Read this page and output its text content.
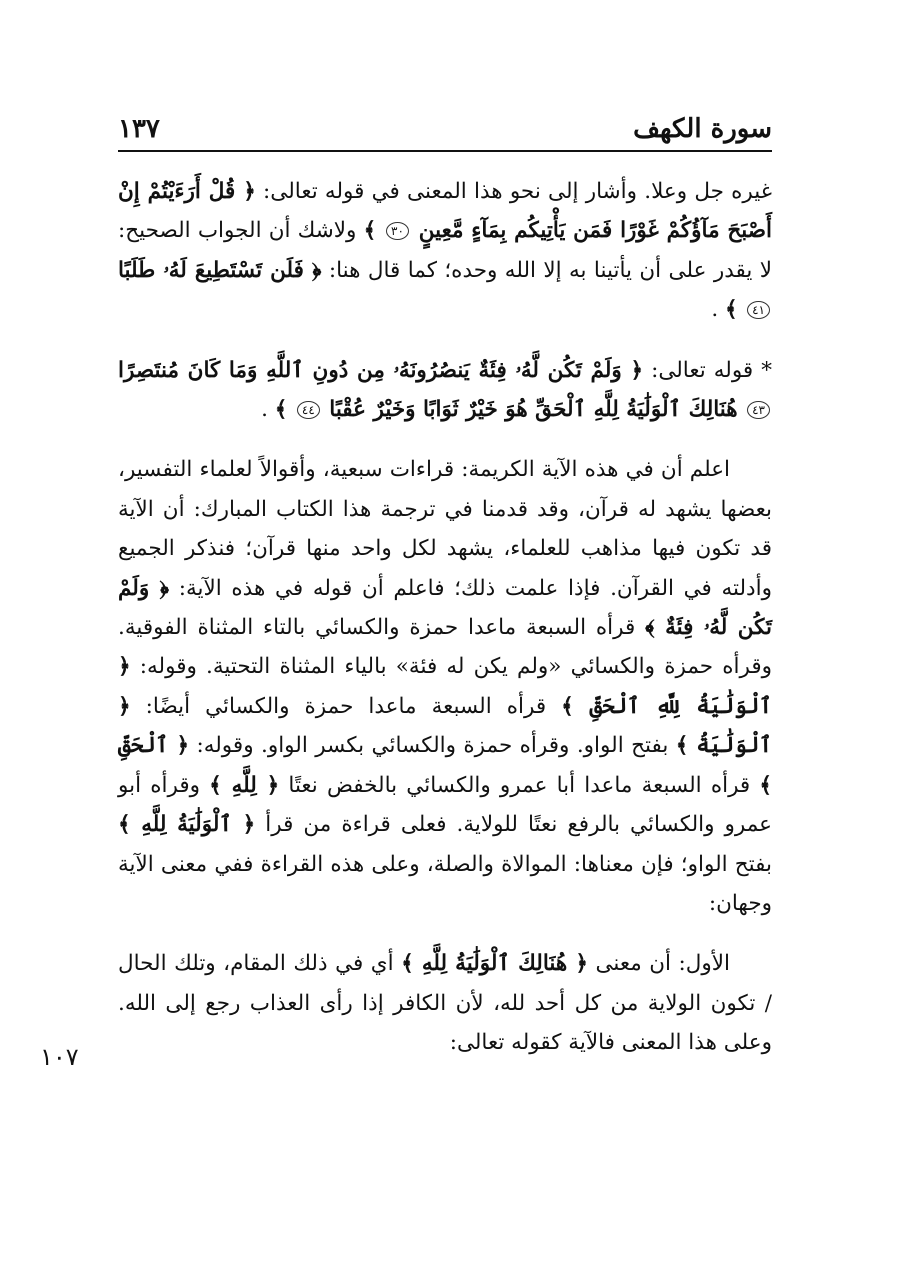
سورة الكهف
١٣٧
١٠٧

غيره جل وعلا. وأشار إلى نحو هذا المعنى في قوله تعالى: ﴿ قُلْ أَرَءَيْتُمْ إِنْ أَصْبَحَ مَآؤُكُمْ غَوْرًا فَمَن يَأْتِيكُم بِمَآءٍ مَّعِينٍ ٣٠ ﴾ ولاشك أن الجواب الصحيح: لا يقدر على أن يأتينا به إلا الله وحده؛ كما قال هنا: ﴿ فَلَن تَسْتَطِيعَ لَهُۥ طَلَبًا ٤١ ﴾ .

* قوله تعالى: ﴿ وَلَمْ تَكُن لَّهُۥ فِئَةٌ يَنصُرُونَهُۥ مِن دُونِ ٱللَّهِ وَمَا كَانَ مُنتَصِرًا ٤٣ هُنَالِكَ ٱلْوَلَٰيَةُ لِلَّهِ ٱلْحَقِّ هُوَ خَيْرٌ ثَوَابًا وَخَيْرٌ عُقْبًا ٤٤ ﴾ .

اعلم أن في هذه الآية الكريمة: قراءات سبعية، وأقوالاً لعلماء التفسير، بعضها يشهد له قرآن، وقد قدمنا في ترجمة هذا الكتاب المبارك: أن الآية قد تكون فيها مذاهب للعلماء، يشهد لكل واحد منها قرآن؛ فنذكر الجميع وأدلته في القرآن. فإذا علمت ذلك؛ فاعلم أن قوله في هذه الآية: ﴿ وَلَمْ تَكُن لَّهُۥ فِئَةٌ ﴾ قرأه السبعة ماعدا حمزة والكسائي بالتاء المثناة الفوقية. وقرأه حمزة والكسائي «ولم يكن له فئة» بالياء المثناة التحتية. وقوله: ﴿ ٱلْوَلَٰيَةُ لِلَّهِ ٱلْحَقِّ ﴾ قرأه السبعة ماعدا حمزة والكسائي أيضًا: ﴿ ٱلْوَلَٰيَةُ ﴾ بفتح الواو. وقرأه حمزة والكسائي بكسر الواو. وقوله: ﴿ ٱلْحَقِّ ﴾ قرأه السبعة ماعدا أبا عمرو والكسائي بالخفض نعتًا ﴿ لِلَّهِ ﴾ وقرأه أبو عمرو والكسائي بالرفع نعتًا للولاية. فعلى قراءة من قرأ ﴿ ٱلْوَلَٰيَةُ لِلَّهِ ﴾ بفتح الواو؛ فإن معناها: الموالاة والصلة، وعلى هذه القراءة ففي معنى الآية وجهان:

الأول: أن معنى ﴿ هُنَالِكَ ٱلْوَلَٰيَةُ لِلَّهِ ﴾ أي في ذلك المقام، وتلك الحال / تكون الولاية من كل أحد لله، لأن الكافر إذا رأى العذاب رجع إلى الله. وعلى هذا المعنى فالآية كقوله تعالى:
